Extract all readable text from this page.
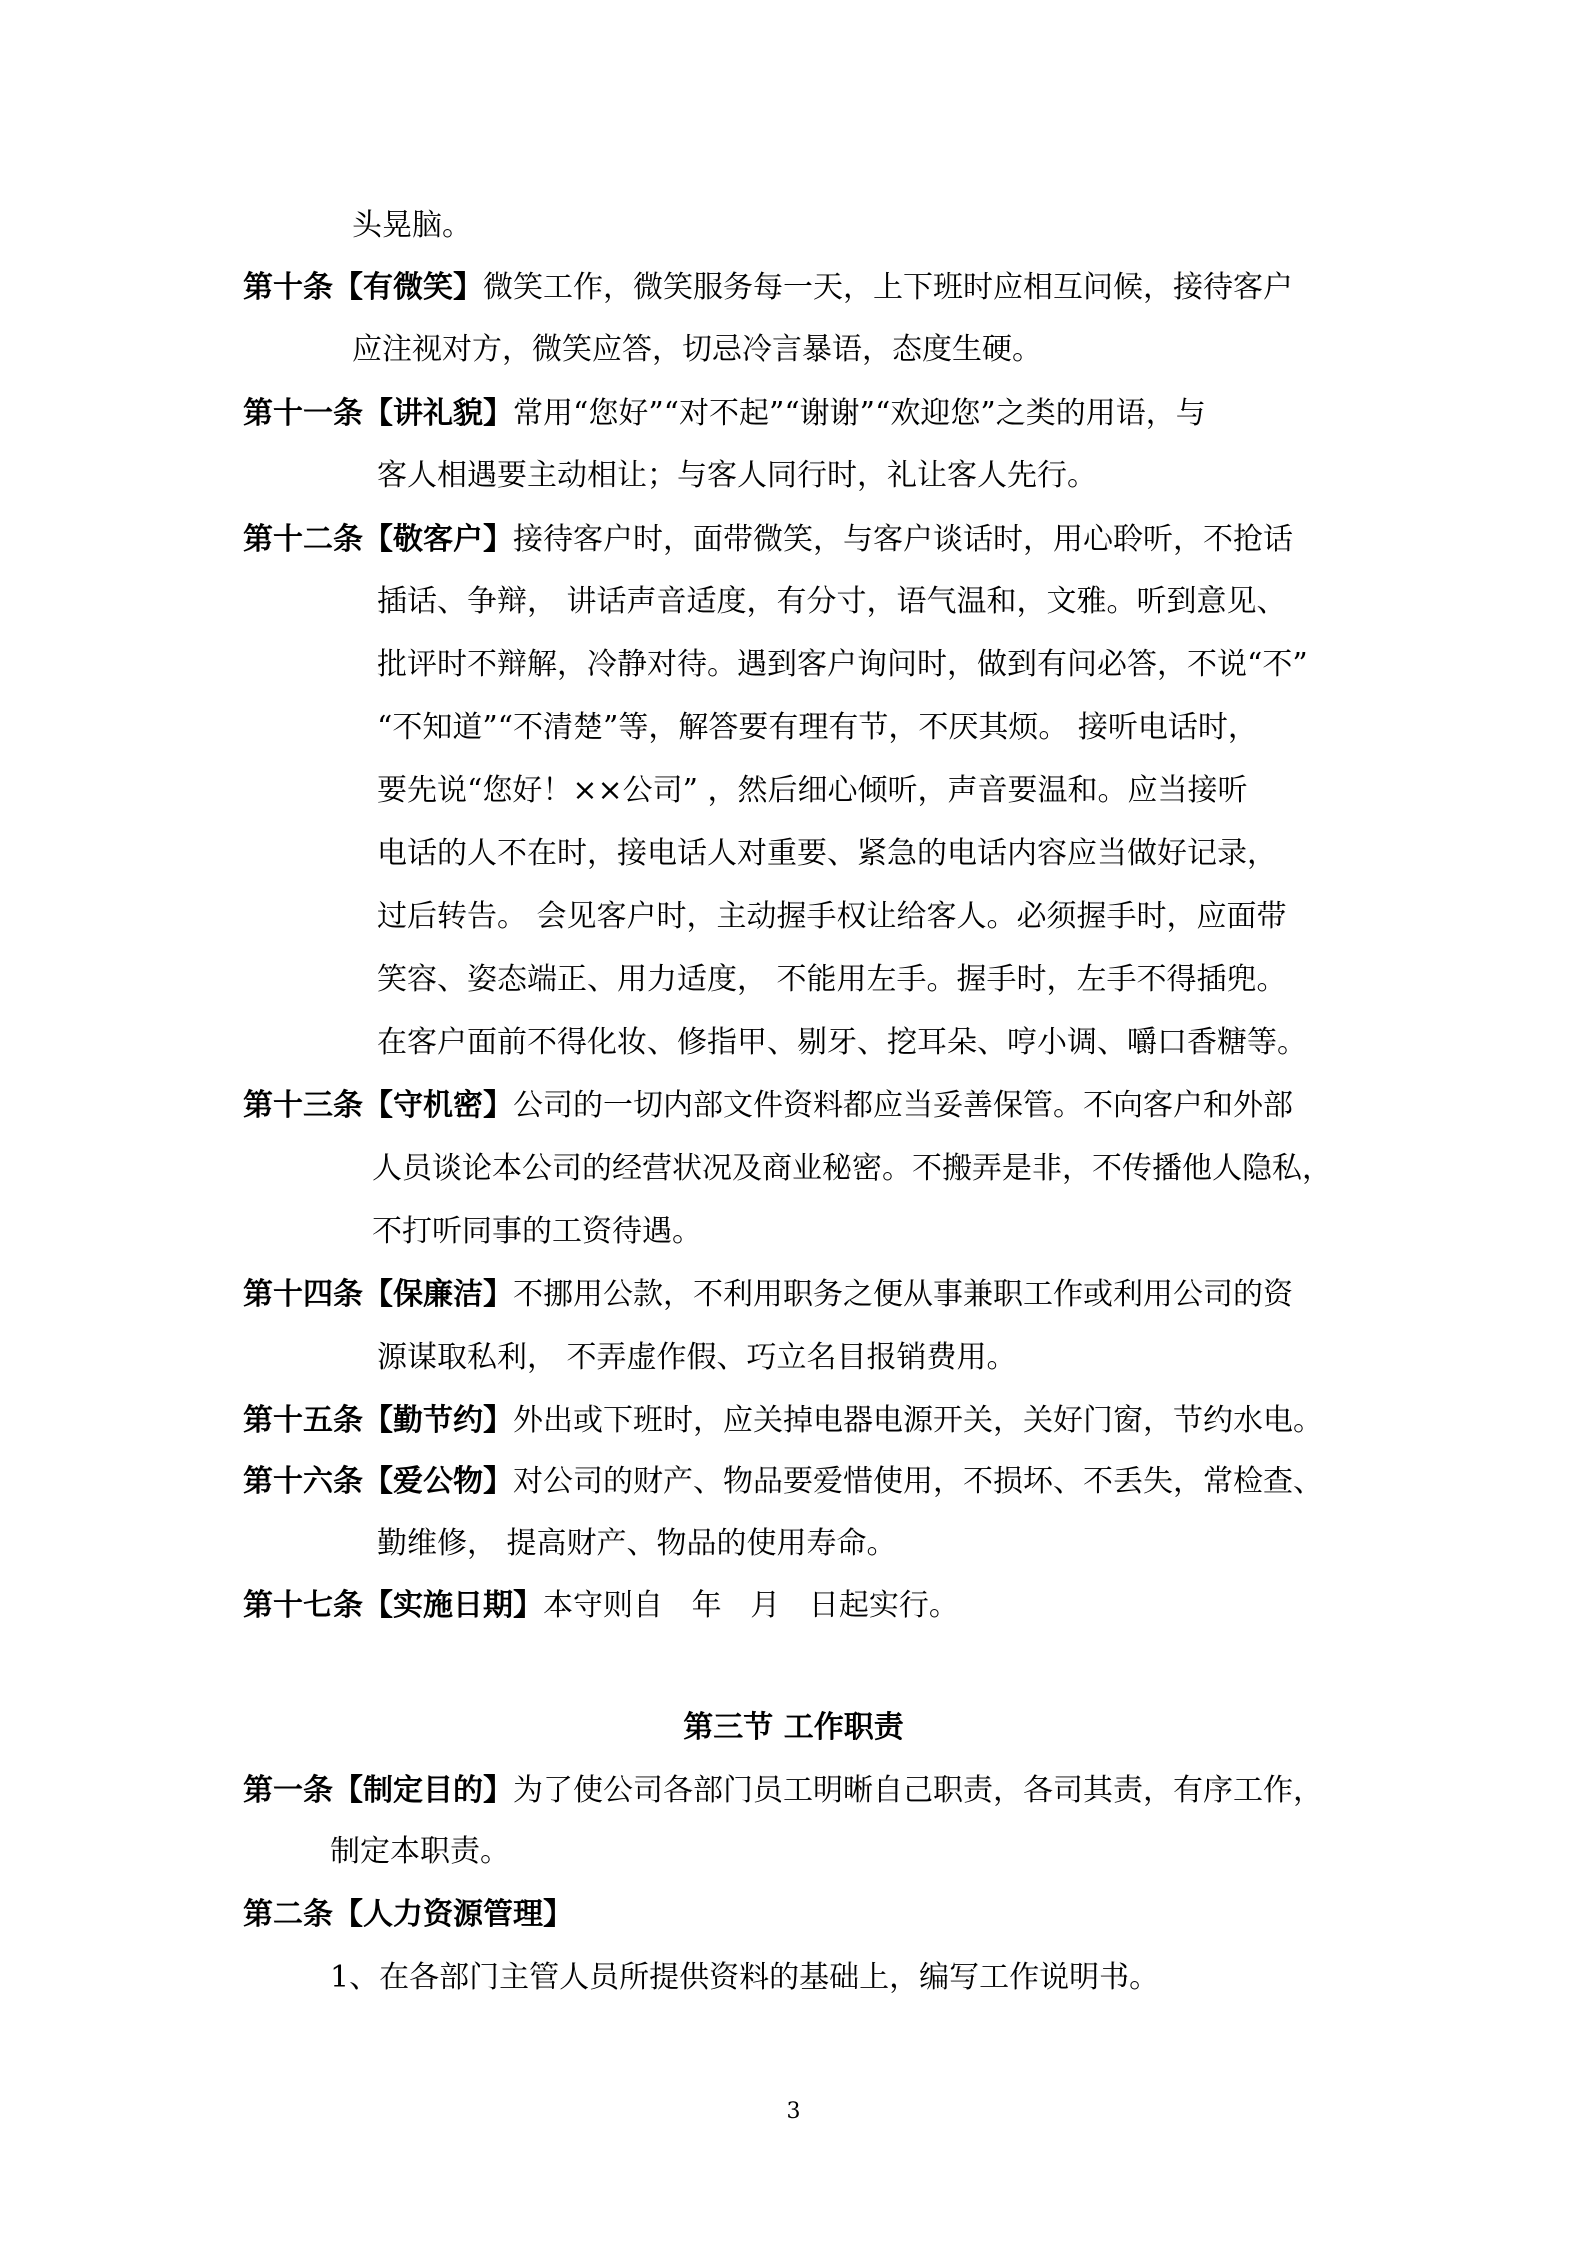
头晃脑。
第十条【有微笑】微笑工作，微笑服务每一天，上下班时应相互问候，接待客户
应注视对方，微笑应答，切忌冷言暴语，态度生硬。
第十一条【讲礼貌】常用“您好”“对不起”“谢谢”“欢迎您”之类的用语，与
客人相遇要主动相让；与客人同行时，礼让客人先行。
第十二条【敬客户】接待客户时，面带微笑，与客户谈话时，用心聆听，不抢话
插话、争辩， 讲话声音适度，有分寸，语气温和，文雅。听到意见、
批评时不辩解，冷静对待。遇到客户询问时，做到有问必答，不说“不”
“不知道”“不清楚”等，解答要有理有节，不厌其烦。 接听电话时，
要先说“您好！××公司” ，然后细心倾听，声音要温和。应当接听
电话的人不在时，接电话人对重要、紧急的电话内容应当做好记录，
过后转告。 会见客户时，主动握手权让给客人。必须握手时，应面带
笑容、姿态端正、用力适度， 不能用左手。握手时，左手不得插兜。
在客户面前不得化妆、修指甲、剔牙、挖耳朵、哼小调、嚼口香糖等。
第十三条【守机密】公司的一切内部文件资料都应当妥善保管。不向客户和外部
人员谈论本公司的经营状况及商业秘密。不搬弄是非，不传播他人隐私，
不打听同事的工资待遇。
第十四条【保廉洁】不挪用公款，不利用职务之便从事兼职工作或利用公司的资
源谋取私利， 不弄虚作假、巧立名目报销费用。
第十五条【勤节约】外出或下班时，应关掉电器电源开关，关好门窗，节约水电。
第十六条【爱公物】对公司的财产、物品要爱惜使用，不损坏、不丢失，常检查、
勤维修， 提高财产、物品的使用寿命。
第十七条【实施日期】本守则自   年   月   日起实行。
第三节 工作职责
第一条【制定目的】为了使公司各部门员工明晰自己职责，各司其责，有序工作，
制定本职责。
第二条【人力资源管理】
1、在各部门主管人员所提供资料的基础上，编写工作说明书。
3
